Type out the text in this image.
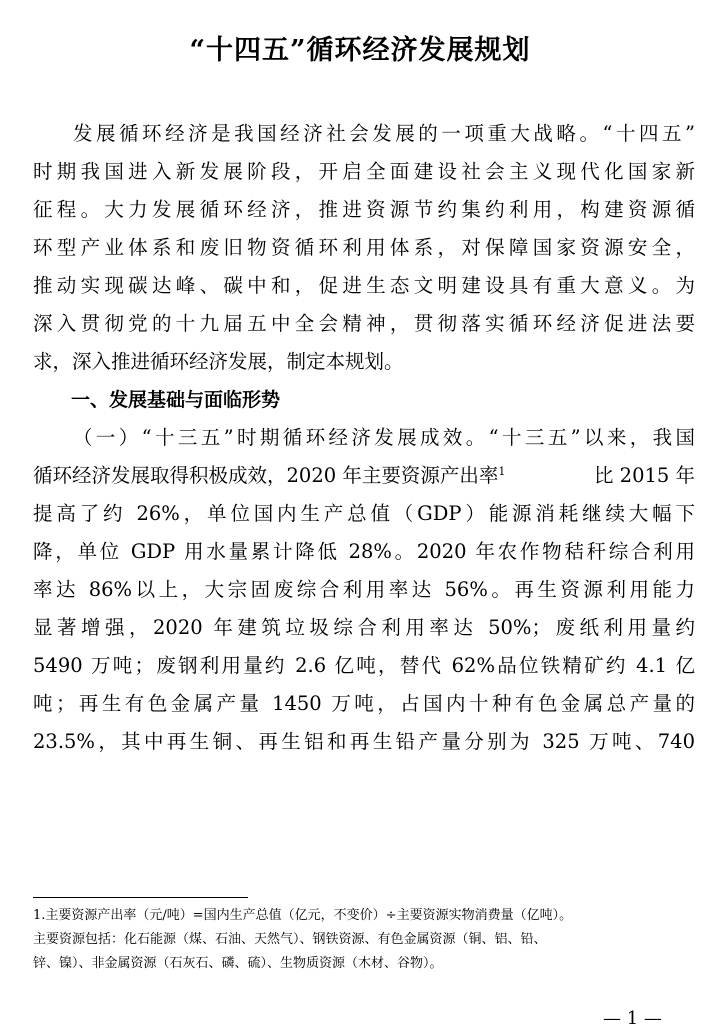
“十四五”循环经济发展规划
发展循环经济是我国经济社会发展的一项重大战略。“十四五”
时期我国进入新发展阶段，开启全面建设社会主义现代化国家新
征程。大力发展循环经济，推进资源节约集约利用，构建资源循
环型产业体系和废旧物资循环利用体系，对保障国家资源安全，
推动实现碳达峰、碳中和，促进生态文明建设具有重大意义。为
深入贯彻党的十九届五中全会精神，贯彻落实循环经济促进法要
求，深入推进循环经济发展，制定本规划。
一、发展基础与面临形势
（一）“十三五”时期循环经济发展成效。“十三五”以来，我国
循环经济发展取得积极成效，2020 年主要资源产出率$^1$	比 2015 年
提高了约 26%，单位国内生产总值（GDP）能源消耗继续大幅下
降，单位 GDP 用水量累计降低 28%。2020 年农作物秸秆综合利用
率达 86%以上，大宗固废综合利用率达 56%。再生资源利用能力
显著增强，2020 年建筑垃圾综合利用率达 50%；废纸利用量约
5490 万吨；废钢利用量约 2.6 亿吨，替代 62%品位铁精矿约 4.1 亿
吨；再生有色金属产量 1450 万吨，占国内十种有色金属总产量的
23.5%，其中再生铜、再生铝和再生铅产量分别为 325 万吨、740
1.主要资源产出率（元/吨）=国内生产总值（亿元，不变价）÷主要资源实物消费量（亿吨）。
主要资源包括：化石能源（煤、石油、天然气）、钢铁资源、有色金属资源（铜、铝、铅、
锌、镍）、非金属资源（石灰石、磷、硫）、生物质资源（木材、谷物）。
— 1 —
